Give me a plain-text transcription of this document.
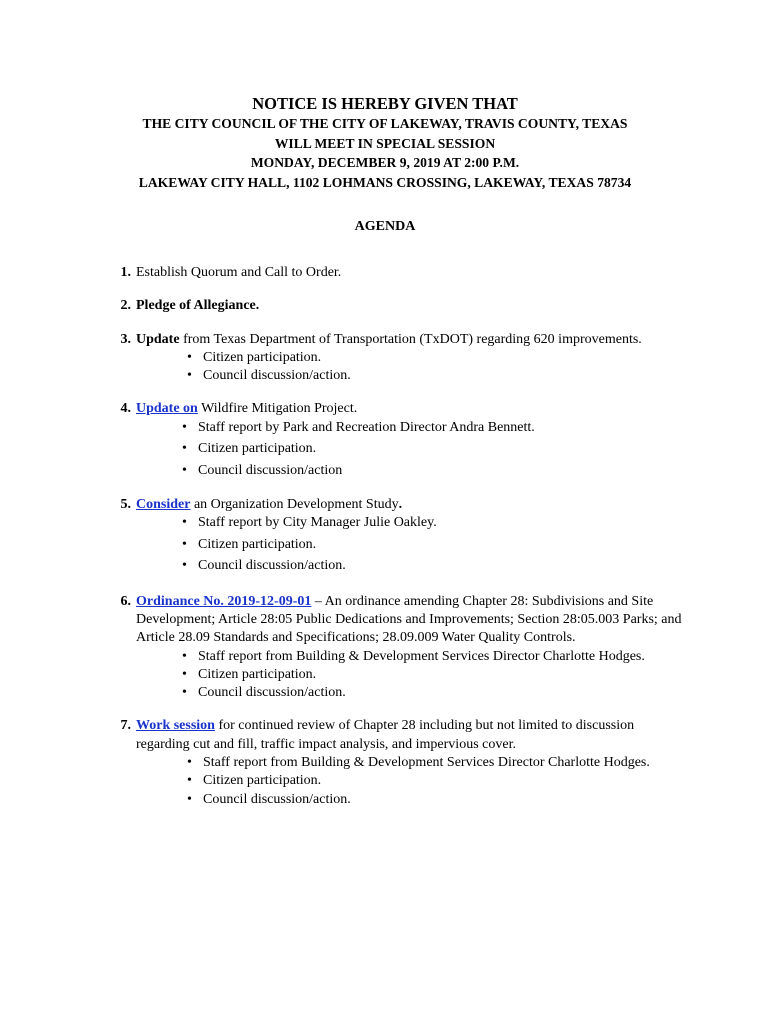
NOTICE IS HEREBY GIVEN THAT
THE CITY COUNCIL OF THE CITY OF LAKEWAY, TRAVIS COUNTY, TEXAS
WILL MEET IN SPECIAL SESSION
MONDAY, DECEMBER 9, 2019 AT 2:00 P.M.
LAKEWAY CITY HALL, 1102 LOHMANS CROSSING, LAKEWAY, TEXAS 78734
AGENDA
1. Establish Quorum and Call to Order.
2. Pledge of Allegiance.
3. Update from Texas Department of Transportation (TxDOT) regarding 620 improvements.
• Citizen participation.
• Council discussion/action.
4. Update on Wildfire Mitigation Project.
• Staff report by Park and Recreation Director Andra Bennett.
• Citizen participation.
• Council discussion/action
5. Consider an Organization Development Study.
• Staff report by City Manager Julie Oakley.
• Citizen participation.
• Council discussion/action.
6. Ordinance No. 2019-12-09-01 – An ordinance amending Chapter 28: Subdivisions and Site Development; Article 28:05 Public Dedications and Improvements; Section 28:05.003 Parks; and Article 28.09 Standards and Specifications; 28.09.009 Water Quality Controls.
• Staff report from Building & Development Services Director Charlotte Hodges.
• Citizen participation.
• Council discussion/action.
7. Work session for continued review of Chapter 28 including but not limited to discussion regarding cut and fill, traffic impact analysis, and impervious cover.
• Staff report from Building & Development Services Director Charlotte Hodges.
• Citizen participation.
• Council discussion/action.
